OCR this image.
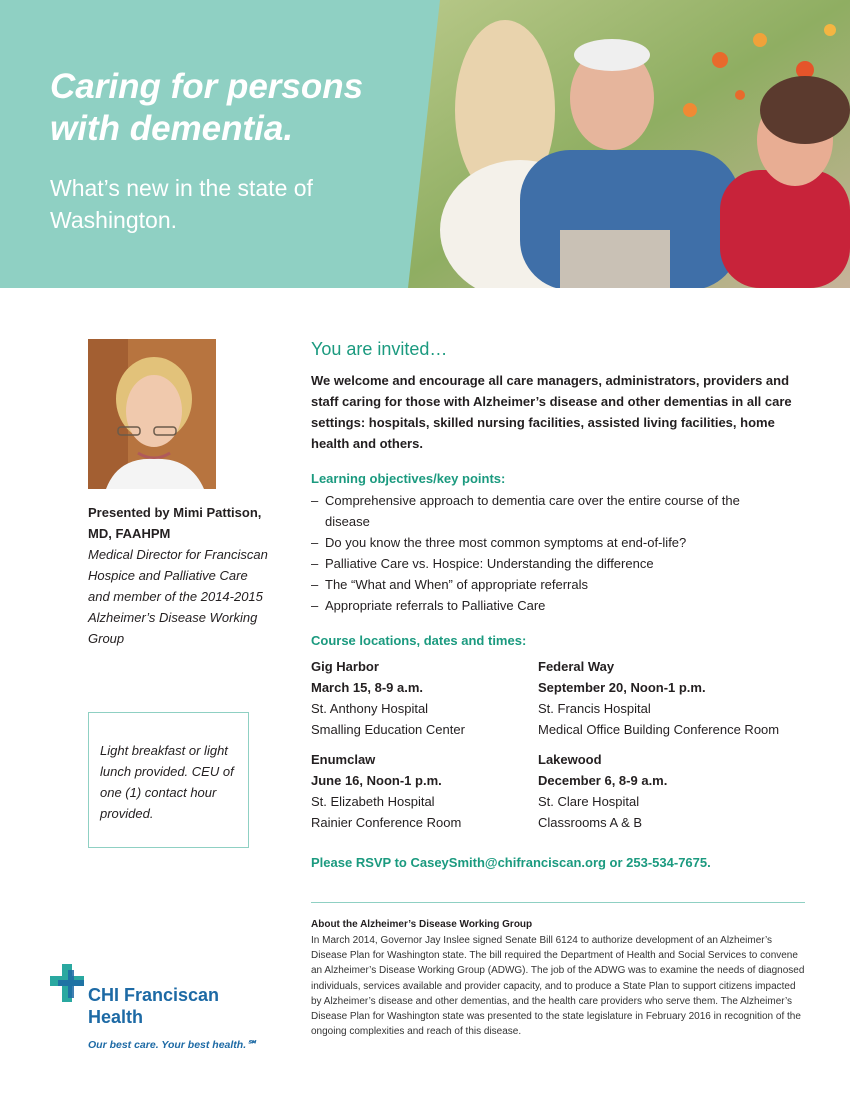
Caring for persons with dementia.

What’s new in the state of Washington.

Presented by Mimi Pattison, MD, FAAHPM

Medical Director for Franciscan Hospice and Palliative Care and member of the 2014-2015 Alzheimer’s Disease Working Group

Light breakfast or light lunch provided. CEU of one (1) contact hour provided.

You are invited…

We welcome and encourage all care managers, administrators, providers and staff caring for those with Alzheimer’s disease and other dementias in all care settings: hospitals, skilled nursing facilities, assisted living facilities, home health and others.

Learning objectives/key points:
– Comprehensive approach to dementia care over the entire course of the disease
– Do you know the three most common symptoms at end-of-life?
– Palliative Care vs. Hospice: Understanding the difference
– The “What and When” of appropriate referrals
– Appropriate referrals to Palliative Care
Course locations, dates and times:
Gig Harbor
March 15, 8-9 a.m.
St. Anthony Hospital
Smalling Education Center
Federal Way
September 20, Noon-1 p.m.
St. Francis Hospital
Medical Office Building Conference Room
Enumclaw
June 16, Noon-1 p.m.
St. Elizabeth Hospital
Rainier Conference Room
Lakewood
December 6, 8-9 a.m.
St. Clare Hospital
Classrooms A & B

Please RSVP to CaseySmith@chifranciscan.org or 253-534-7675.

About the Alzheimer’s Disease Working Group

In March 2014, Governor Jay Inslee signed Senate Bill 6124 to authorize development of an Alzheimer’s Disease Plan for Washington state. The bill required the Department of Health and Social Services to convene an Alzheimer’s Disease Working Group (ADWG). The job of the ADWG was to examine the needs of diagnosed individuals, services available and provider capacity, and to produce a State Plan to support citizens impacted by Alzheimer’s disease and other dementias, and the health care providers who serve them. The Alzheimer’s Disease Plan for Washington state was presented to the state legislature in February 2016 in recognition of the ongoing complexities and reach of this disease.

CHI Franciscan

Health

Our best care. Your best health.℠
